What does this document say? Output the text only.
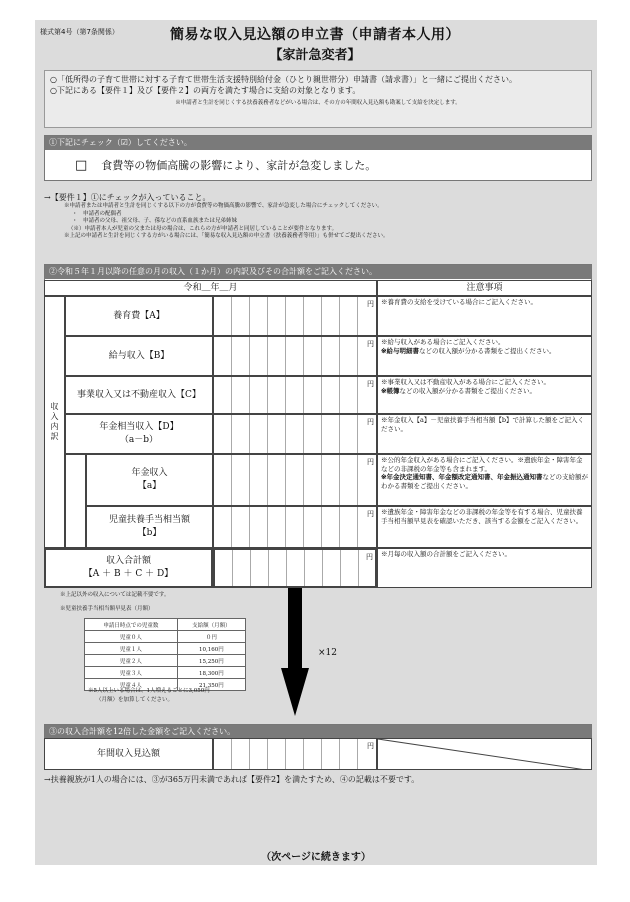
様式第4号（第7条関係）	簡易な収入見込額の申立書（申請者本人用）
【家計急変者】
○「低所得の子育て世帯に対する子育て世帯生活支援特別給付金（ひとり親世帯分）申請書（請求書）」と一緒にご提出ください。
○下記にある【要件１】及び【要件２】の両方を満たす場合に支給の対象となります。
※申請者と生計を同じくする扶養義務者などがいる場合は、その方の年間収入見込額も勘案して支給を決定します。
①下記にチェック（☑）してください。
□ 食費等の物価高騰の影響により、家計が急変しました。
→【要件１】①にチェックが入っていること。
※申請者または申請者と生計を同じくする以下の方が食費等の物価高騰の影響で、家計が急変した場合にチェックしてください。
・　申請者の配偶者
・　申請者の父母、祖父母、子、孫などの直系血族または兄弟姉妹
（※）申請者本人が児童の父または母の場合は、これらの方が申請者と同居していることが要件となります。
※上記の申請者と生計を同じくする方がいる場合には、「簡易な収入見込額の申立書（扶養義務者等用）」も併せてご提出ください。
②令和５年１月以降の任意の月の収入（１か月）の内訳及びその合計額をご記入ください。
令和＿年＿月	注意事項
収入内訳
養育費【A】
円	※養育費の支給を受けている場合にご記入ください。
給与収入【B】
円	※給与収入がある場合にご記入ください。
※給与明細書などの収入額が分かる書類をご提出ください。
事業収入又は不動産収入【C】
円	※事業収入又は不動産収入がある場合にご記入ください。
※帳簿などの収入額が分かる書類をご提出ください。
年金相当収入【D】
（a－b）
円	※年金収入【a】－児童扶養手当相当額【b】で計算した額をご記入ください。
年金収入
【a】
円	※公的年金収入がある場合にご記入ください。※遺族年金・障害年金などの非課税の年金等も含まれます。
※年金決定通知書、年金額改定通知書、年金振込通知書などの支給額がわかる書類をご提出ください。
児童扶養手当相当額
【b】
円	※遺族年金・障害年金などの非課税の年金等を有する場合、児童扶養手当相当額早見表を確認いただき、該当する金額をご記入ください。
収入合計額
【A ＋ B ＋ C ＋ D】
円	※月毎の収入額の合計額をご記入ください。
※上記以外の収入については記載不要です。
※児童扶養手当相当額早見表（月額）
申請日時点での児童数	支給額（月額）
児童０人	０円
児童１人	10,160円
児童２人	15,250円
児童３人	18,300円
児童４人	21,350円
※5人以上いる場合は、1人増えるごとに3,050円
（月額）を加算してください。
×12
③の収入合計額を12倍した金額をご記入ください。
年間収入見込額
円
→扶養親族が1人の場合には、③が365万円未満であれば【要件2】を満たすため、④の記載は不要です。
（次ページに続きます）
